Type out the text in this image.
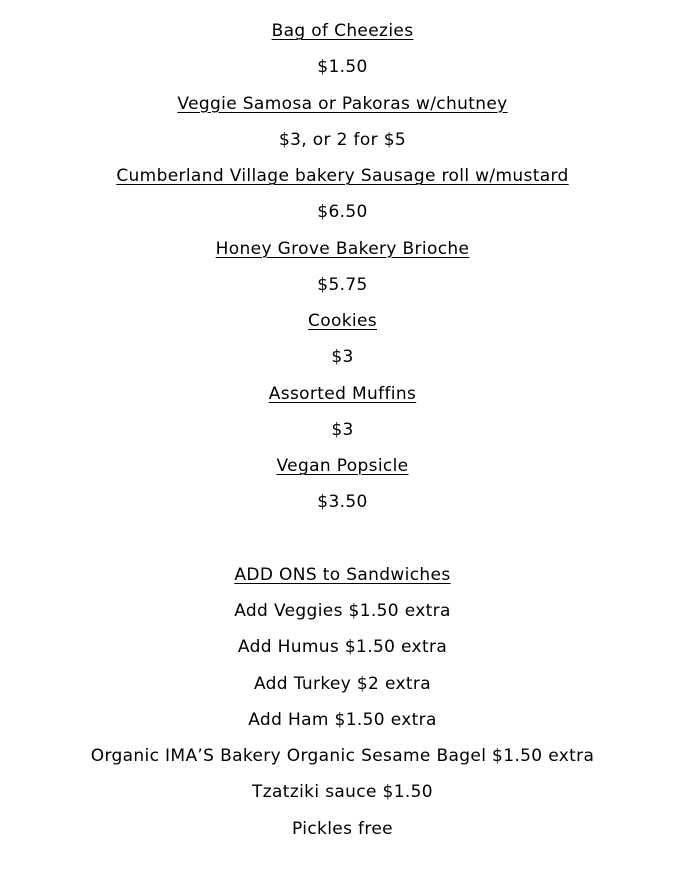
Bag of Cheezies
$1.50
Veggie Samosa or Pakoras w/chutney
$3, or 2 for $5
Cumberland Village bakery Sausage roll w/mustard
$6.50
Honey Grove Bakery Brioche
$5.75
Cookies
$3
Assorted Muffins
$3
Vegan Popsicle
$3.50
ADD ONS to Sandwiches
Add Veggies $1.50 extra
Add Humus $1.50 extra
Add Turkey $2 extra
Add Ham $1.50 extra
Organic IMA’S Bakery Organic Sesame Bagel $1.50 extra
Tzatziki sauce $1.50
Pickles free
